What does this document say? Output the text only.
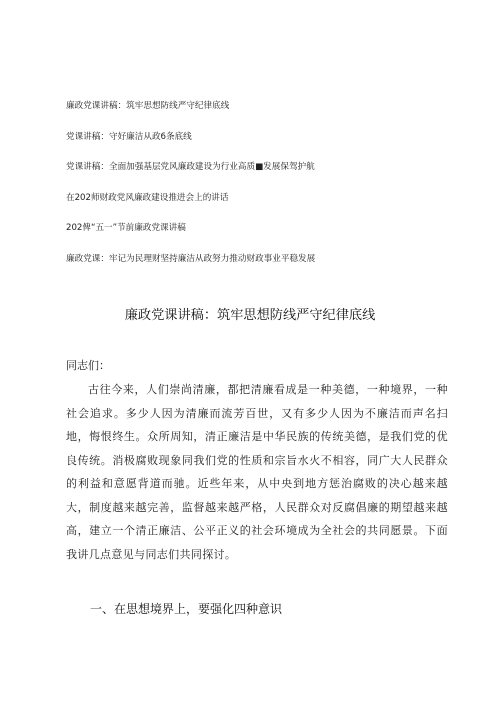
廉政党课讲稿：筑牢思想防线严守纪律底线
党课讲稿：守好廉洁从政6条底线
党课讲稿：全面加强基层党风廉政建设为行业高质■发展保驾护航
在202师财政党风廉政建设推进会上的讲话
202俾“五一”节前廉政党课讲稿
廉政党课：牢记为民理财坚持廉洁从政努力推动财政事业平稳发展
廉政党课讲稿：筑牢思想防线严守纪律底线
同志们：
古往今来，人们崇尚清廉，都把清廉看成是一种美德，一种境界，一种社会追求。多少人因为清廉而流芳百世，又有多少人因为不廉洁而声名扫地，悔恨终生。众所周知，清正廉洁是中华民族的传统美德，是我们党的优良传统。消极腐败现象同我们党的性质和宗旨水火不相容，同广大人民群众的利益和意愿背道而驰。近些年来，从中央到地方惩治腐败的决心越来越大，制度越来越完善，监督越来越严格，人民群众对反腐倡廉的期望越来越高，建立一个清正廉洁、公平正义的社会环境成为全社会的共同愿景。下面我讲几点意见与同志们共同探讨。
一、在思想境界上，要强化四种意识
